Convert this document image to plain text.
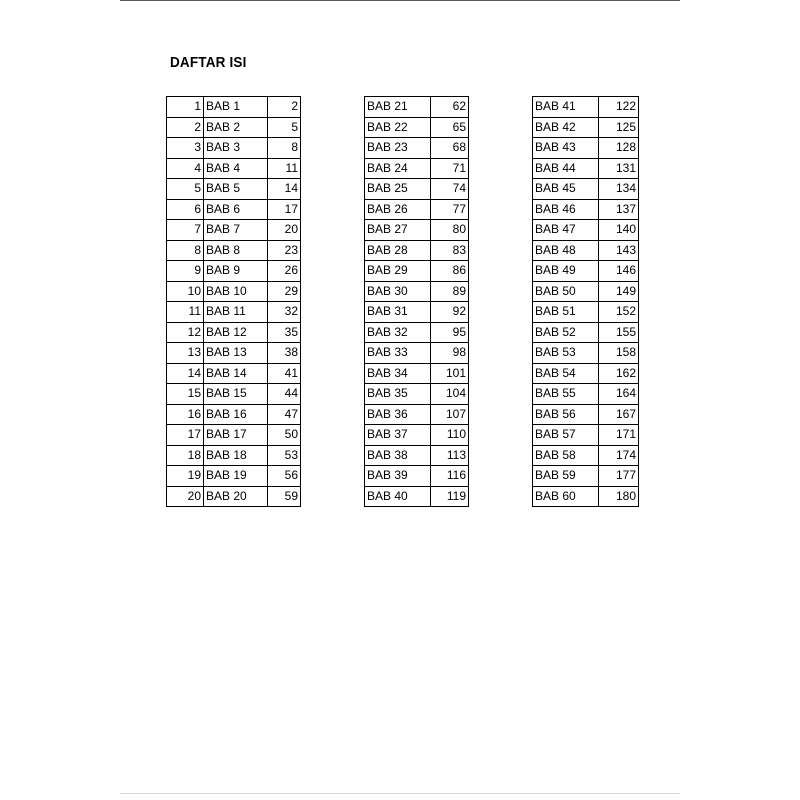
DAFTAR ISI
1	BAB 1	2
2	BAB 2	5
3	BAB 3	8
4	BAB 4	11
5	BAB 5	14
6	BAB 6	17
7	BAB 7	20
8	BAB 8	23
9	BAB 9	26
10	BAB 10	29
11	BAB 11	32
12	BAB 12	35
13	BAB 13	38
14	BAB 14	41
15	BAB 15	44
16	BAB 16	47
17	BAB 17	50
18	BAB 18	53
19	BAB 19	56
20	BAB 20	59
BAB 21	62
BAB 22	65
BAB 23	68
BAB 24	71
BAB 25	74
BAB 26	77
BAB 27	80
BAB 28	83
BAB 29	86
BAB 30	89
BAB 31	92
BAB 32	95
BAB 33	98
BAB 34	101
BAB 35	104
BAB 36	107
BAB 37	110
BAB 38	113
BAB 39	116
BAB 40	119
BAB 41	122
BAB 42	125
BAB 43	128
BAB 44	131
BAB 45	134
BAB 46	137
BAB 47	140
BAB 48	143
BAB 49	146
BAB 50	149
BAB 51	152
BAB 52	155
BAB 53	158
BAB 54	162
BAB 55	164
BAB 56	167
BAB 57	171
BAB 58	174
BAB 59	177
BAB 60	180
